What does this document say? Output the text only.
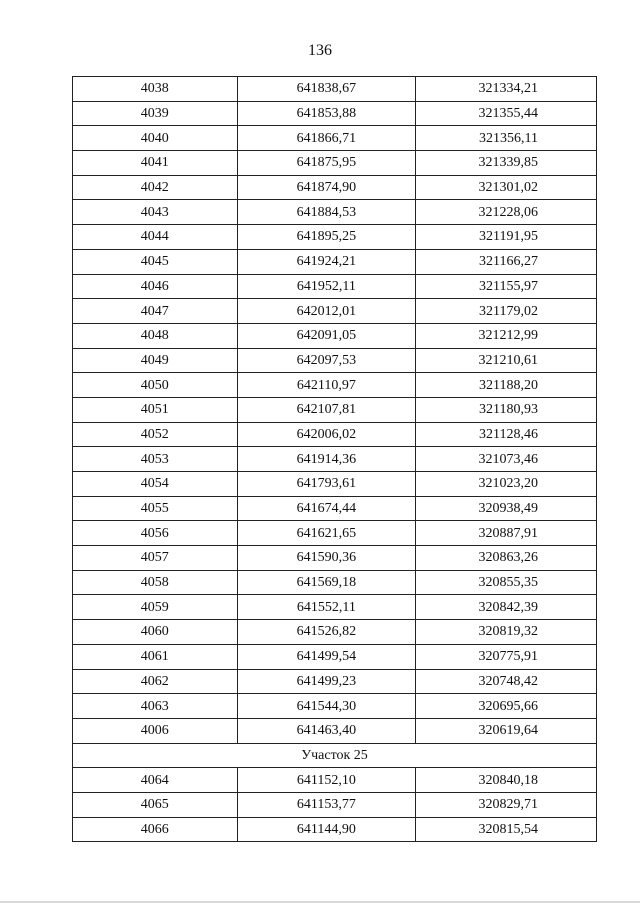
136
4038	641838,67	321334,21
4039	641853,88	321355,44
4040	641866,71	321356,11
4041	641875,95	321339,85
4042	641874,90	321301,02
4043	641884,53	321228,06
4044	641895,25	321191,95
4045	641924,21	321166,27
4046	641952,11	321155,97
4047	642012,01	321179,02
4048	642091,05	321212,99
4049	642097,53	321210,61
4050	642110,97	321188,20
4051	642107,81	321180,93
4052	642006,02	321128,46
4053	641914,36	321073,46
4054	641793,61	321023,20
4055	641674,44	320938,49
4056	641621,65	320887,91
4057	641590,36	320863,26
4058	641569,18	320855,35
4059	641552,11	320842,39
4060	641526,82	320819,32
4061	641499,54	320775,91
4062	641499,23	320748,42
4063	641544,30	320695,66
4006	641463,40	320619,64
Участок 25		
4064	641152,10	320840,18
4065	641153,77	320829,71
4066	641144,90	320815,54
